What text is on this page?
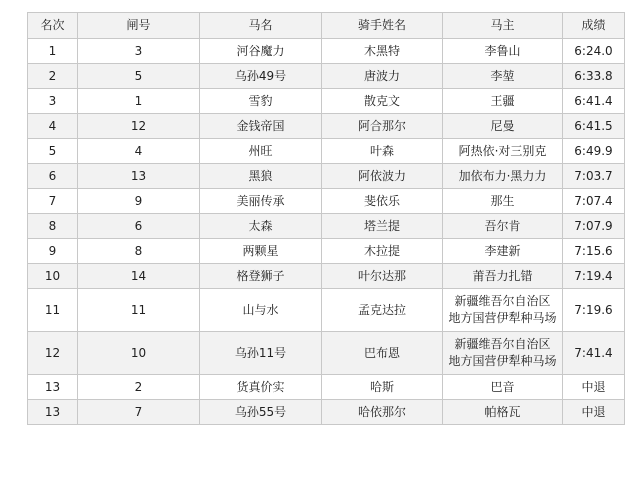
名次	闸号	马名	骑手姓名	马主	成绩
1	3	河谷魔力	木黑特	李鲁山	6:24.0
2	5	乌孙49号	唐波力	李堃	6:33.8
3	1	雪豹	散克文	王疆	6:41.4
4	12	金钱帝国	阿合那尔	尼曼	6:41.5
5	4	州旺	叶森	阿热依·对三别克	6:49.9
6	13	黑狼	阿依波力	加依布力·黑力力	7:03.7
7	9	美丽传承	斐依乐	那生	7:07.4
8	6	太森	塔兰提	吾尔肯	7:07.9
9	8	两颗星	木拉提	李建新	7:15.6
10	14	格登狮子	叶尔达那	莆吾力扎错	7:19.4
11	11	山与水	孟克达拉	新疆维吾尔自治区
地方国营伊犁种马场	7:19.6
12	10	乌孙11号	巴布恩	新疆维吾尔自治区
地方国营伊犁种马场	7:41.4
13	2	货真价实	哈斯	巴音	中退
13	7	乌孙55号	哈依那尔	帕格瓦	中退
